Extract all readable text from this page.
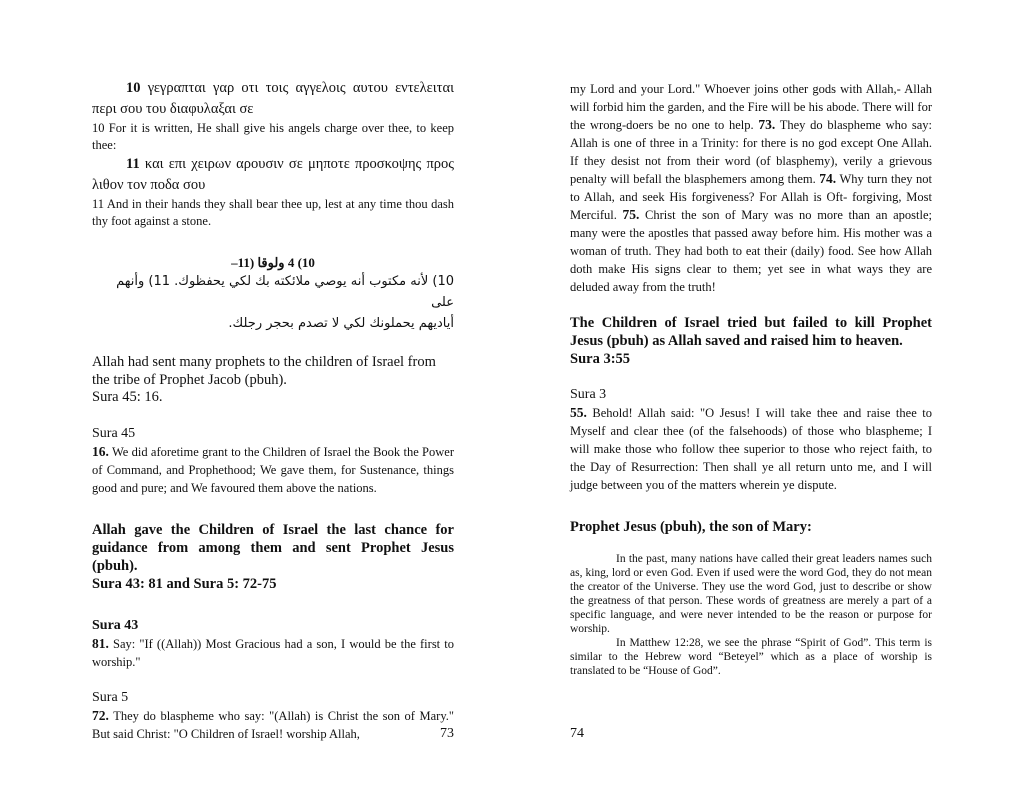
10 γεγραπται γαρ οτι τοις αγγελοις αυτου εντελειται περι σου του διαφυλαξαι σε

10 For it is written, He shall give his angels charge over thee, to keep thee:

11 και επι χειρων αρουσιν σε μηποτε προσκοψης προς λιθον τον ποδα σου

11 And in their hands they shall bear thee up, lest at any time thou dash thy foot against a stone.

10) 4 ولوقا (11–

10) لأنه مكتوب أنه يوصي ملائكته بك لكي يحفظوك. 11) وأنهم على

أياديهم يحملونك لكي لا تصدم بحجر رجلك.

Allah had sent many prophets to the children of Israel from the tribe of Prophet Jacob (pbuh).

Sura 45: 16.

Sura 45

16. We did aforetime grant to the Children of Israel the Book the Power of Command, and Prophethood; We gave them, for Sustenance, things good and pure; and We favoured them above the nations.

Allah gave the Children of Israel the last chance for guidance from among them and sent Prophet Jesus (pbuh).

Sura 43: 81 and Sura 5: 72-75

Sura 43

81. Say: "If ((Allah)) Most Gracious had a son, I would be the first to worship."

Sura 5

72. They do blaspheme who say: "(Allah) is Christ the son of Mary." But said Christ: "O Children of Israel! worship Allah,	73

my Lord and your Lord." Whoever joins other gods with Allah,- Allah will forbid him the garden, and the Fire will be his abode. There will for the wrong-doers be no one to help. 73. They do blaspheme who say: Allah is one of three in a Trinity: for there is no god except One Allah. If they desist not from their word (of blasphemy), verily a grievous penalty will befall the blasphemers among them. 74. Why turn they not to Allah, and seek His forgiveness? For Allah is Oft- forgiving, Most Merciful. 75. Christ the son of Mary was no more than an apostle; many were the apostles that passed away before him. His mother was a woman of truth. They had both to eat their (daily) food. See how Allah doth make His signs clear to them; yet see in what ways they are deluded away from the truth!

The Children of Israel tried but failed to kill Prophet Jesus (pbuh) as Allah saved and raised him to heaven.

Sura 3:55

Sura 3

55. Behold! Allah said: "O Jesus! I will take thee and raise thee to Myself and clear thee (of the falsehoods) of those who blaspheme; I will make those who follow thee superior to those who reject faith, to the Day of Resurrection: Then shall ye all return unto me, and I will judge between you of the matters wherein ye dispute.

Prophet Jesus (pbuh), the son of Mary:

In the past, many nations have called their great leaders names such as, king, lord or even God. Even if used were the word God, they do not mean the creator of the Universe. They use the word God, just to describe or show the greatness of that person. These words of greatness are merely a part of a specific language, and were never intended to be the reason or purpose for worship.

In Matthew 12:28, we see the phrase “Spirit of God”. This term is similar to the Hebrew word “Beteyel” which as a place of worship is translated to be “House of God”.

74
